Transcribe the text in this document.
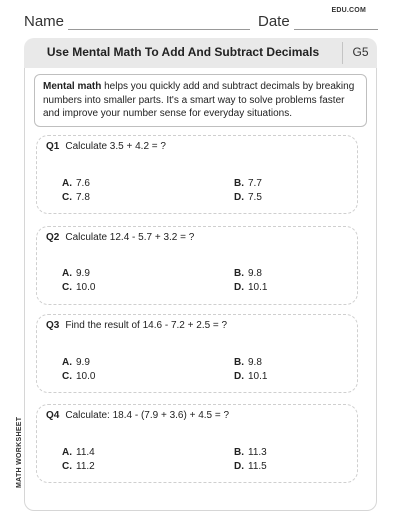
Name	Date
EDU.COM
Use Mental Math To Add And Subtract Decimals	G5
Mental math helps you quickly add and subtract decimals by breaking numbers into smaller parts. It's a smart way to solve problems faster and improve your number sense for everyday situations.
Q1 Calculate 3.5 + 4.2 = ?
A. 7.6	B. 7.7
C. 7.8	D. 7.5
Q2 Calculate 12.4 - 5.7 + 3.2 = ?
A. 9.9	B. 9.8
C. 10.0	D. 10.1
Q3 Find the result of 14.6 - 7.2 + 2.5 = ?
A. 9.9	B. 9.8
C. 10.0	D. 10.1
Q4 Calculate: 18.4 - (7.9 + 3.6) + 4.5 = ?
A. 11.4	B. 11.3
C. 11.2	D. 11.5
MATH WORKSHEET
